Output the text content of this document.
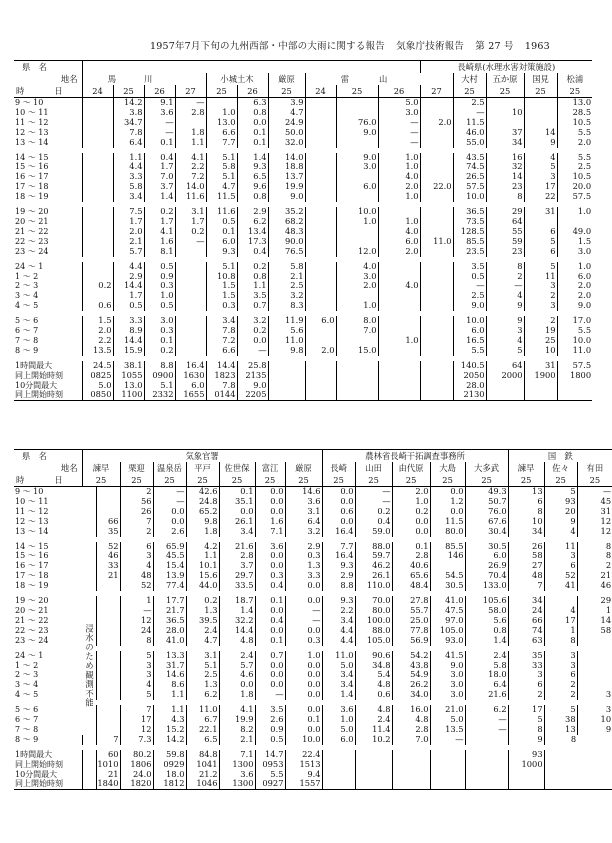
1957年7月下旬の九州西部・中部の大雨に関する報告 気象庁技術報告 第 27 号 1963
県　名											長崎県(水理水害対策施設)				
地名	馬川				小城土木		厳原	雷山				大村	五か原	国見	松浦
時 日	24	25	26	27	25	26	25	24	25	26	27	25	25	25	25
9 ～ 10		14.2	9.1	—		6.3	3.9			5.0		2.5			13.0
10 ～ 11		3.8	3.6	2.8	1.0	0.8	4.7			3.0		—	10		28.5
11 ～ 12		34.7	—		13.0	0.0	24.9		76.0	—	2.0	11.5			10.5
12 ～ 13		7.8	—	1.8	6.6	0.1	50.0		9.0	—		46.0	37	14	5.5
13 ～ 14		6.4	0.1	1.1	7.7	0.1	32.0			—		55.0	34	9	2.0

14 ～ 15		1.1	0.4	4.1	5.1	1.4	14.0		9.0	1.0		43.5	16	4	5.5
15 ～ 16		4.4	1.7	2.2	5.8	9.3	18.8		3.0	1.0		74.5	32	5	2.5
16 ～ 17		3.3	7.0	7.2	5.1	6.5	13.7			4.0		26.5	14	3	10.5
17 ～ 18		5.8	3.7	14.0	4.7	9.6	19.9		6.0	2.0	22.0	57.5	23	17	20.0
18 ～ 19		3.4	1.4	11.6	11.5	0.8	9.0			1.0		10.0	8	22	57.5

19 ～ 20		7.5	0.2	3.1	11.6	2.9	35.2		10.0			36.5	29	31	1.0
20 ～ 21		1.7	1.7	1.7	0.5	6.2	68.2		1.0	1.0		73.5	64		
21 ～ 22		2.0	4.1	0.2	0.1	13.4	48.3			4.0		128.5	55	6	49.0
22 ～ 23		2.1	1.6	—	6.0	17.3	90.0			6.0	11.0	85.5	59	5	1.5
23 ～ 24		5.7	8.1		9.3	0.4	76.5		12.0	2.0		23.5	23	6	3.0

24 ～ 1		4.4	0.5		5.1	0.2	5.8		4.0			3.5	8	5	1.0
1 ～ 2		2.9	0.9		10.8	0.8	2.1		3.0			0.5	2	11	6.0
2 ～ 3	0.2	14.4	0.3		1.5	1.1	2.5		2.0	4.0		—	—	3	2.0
3 ～ 4		1.7	1.0		1.5	3.5	3.2					2.5	4	2	2.0
4 ～ 5	0.6	0.5	0.5		0.3	0.7	8.3		1.0			9.0	9	3	9.0

5 ～ 6	1.5	3.3	3.0		3.4	3.2	11.9	6.0	8.0			10.0	9	2	17.0
6 ～ 7	2.0	8.9	0.3		7.8	0.2	5.6		7.0			6.0	3	19	5.5
7 ～ 8	2.2	14.4	0.1		7.2	0.0	11.0			1.0		16.5	4	25	10.0
8 ～ 9	13.5	15.9	0.2		6.6	—	9.8	2.0	15.0			5.5	5	10	11.0

1時間最大	24.5	38.1	8.8	16.4	14.4	25.8						140.5	64	31	57.5
同上開始時刻	0825	1055	0900	1630	1823	2135						2050	2000	1900	1800
10分間最大	5.0	13.0	5.1	6.0	7.8	9.0						28.0			
同上開始時刻	0850	1100	2332	1655	0144	2205						2130			
県　名	気象官署								農林省長崎干拓調査事務所					国　鉄		
地名	諫早		栗迎	温泉岳	平戸	佐世保	富江	厳原	長崎	山田	由代原	大島	大多武	諫早	佐々	有田
時 日	25		25	25	25	25	25	25	25	25	25	25	25	25	25	25
9 ～ 10			2	—	42.6	0.1	0.0	14.6	0.0	—	2.0	0.0	49.3	13	5	—
10 ～ 11			56	—	24.8	35.1	0.0	3.6	0.0	—	1.0	1.2	50.7	6	93	45
11 ～ 12			26	0.0	65.2	0.0	0.0	3.1	0.6	0.2	0.2	0.0	76.0	8	20	31
12 ～ 13		66	7	0.0	9.8	26.1	1.6	6.4	0.0	0.4	0.0	11.5	67.6	10	9	12
13 ～ 14		35	2	2.6	1.8	3.4	7.1	3.2	16.4	59.0	0.0	80.0	30.4	34	4	12

14 ～ 15		52	6	65.9	4.2	21.6	3.6	2.9	7.7	88.0	0.1	85.5	30.5	26	11	8
15 ～ 16		46	3	45.5	1.1	2.8	0.0	0.3	16.4	59.7	2.8	146	6.0	58	3	8
16 ～ 17		33	4	15.4	10.1	3.7	0.0	1.3	9.3	46.2	40.6		26.9	27	6	2
17 ～ 18		21	48	13.9	15.6	29.7	0.3	3.3	2.9	26.1	65.6	54.5	70.4	48	52	21
18 ～ 19			52	77.4	44.0	33.5	0.4	0.0	8.8	110.0	48.4	30.5	133.0	7	41	46

19 ～ 20	浸水のため観測不能		1	17.7	0.2	18.7	0.1	0.0	9.3	70.0	27.8	41.0	105.6	34		29
20 ～ 21			—	21.7	1.3	1.4	0.0	—	2.2	80.0	55.7	47.5	58.0	24	4	1
21 ～ 22			12	36.5	39.5	32.2	0.4	—	3.4	100.0	25.0	97.0	5.6	66	17	14
22 ～ 23			24	28.0	2.4	14.4	0.0	0.0	4.4	88.0	77.8	105.0	0.8	74	1	58
23 ～ 24			8	41.0	4.7	4.8	0.1	0.3	4.4	105.0	56.9	93.0	1.4	63	8	

24 ～ 1			5	13.3	3.1	2.4	0.7	1.0	11.0	90.6	54.2	41.5	2.4	35	3	
1 ～ 2			3	31.7	5.1	5.7	0.0	0.0	5.0	34.8	43.8	9.0	5.8	33	3	
2 ～ 3			3	14.6	2.5	4.6	0.0	0.0	3.4	5.4	54.9	3.0	18.0	3	6	
3 ～ 4			4	8.6	1.3	0.0	0.0	0.0	3.4	4.8	26.2	3.0	6.4	6	2	
4 ～ 5			5	1.1	6.2	1.8	—	0.0	1.4	0.6	34.0	3.0	21.6	2	2	3

5 ～ 6			7	1.1	11.0	4.1	3.5	0.0	3.6	4.8	16.0	21.0	6.2	17	5	3
6 ～ 7			17	4.3	6.7	19.9	2.6	0.1	1.0	2.4	4.8	5.0	—	5	38	10
7 ～ 8			12	15.2	22.1	8.2	0.9	0.0	5.0	11.4	2.8	13.5	—	8	13	9
8 ～ 9		7	7.3	14.2	6.5	2.1	0.5	10.0	6.0	10.2	7.0	—		9	8	

1時間最大		60	80.2	59.8	84.8	7.1	14.7	22.4						93		
同上開始時刻		1010	1806	0929	1041	1300	0953	1513						1000		
10分間最大		21	24.0	18.0	21.2	3.6	5.5	9.4								
同上開始時刻		1840	1820	1812	1046	1300	0927	1557								
